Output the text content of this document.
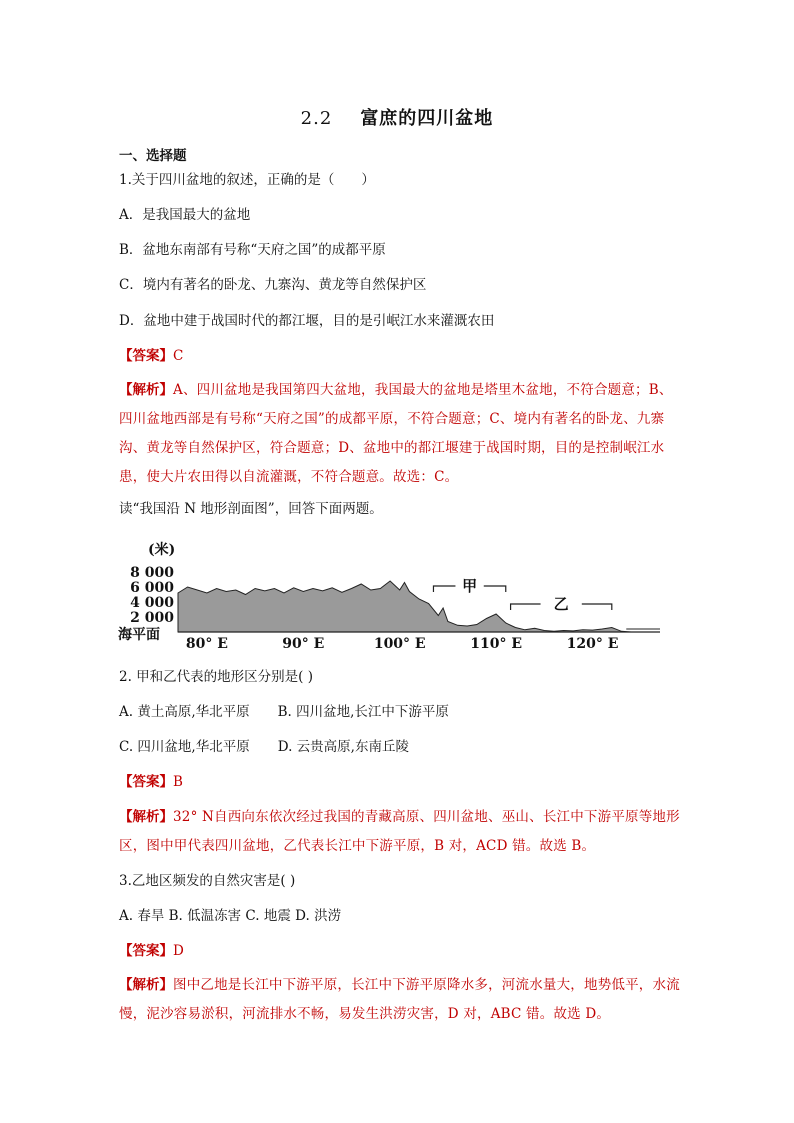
2.2 富庶的四川盆地
一、选择题
1.关于四川盆地的叙述，正确的是（　　）
A．是我国最大的盆地
B．盆地东南部有号称“天府之国”的成都平原
C．境内有著名的卧龙、九寨沟、黄龙等自然保护区
D．盆地中建于战国时代的都江堰，目的是引岷江水来灌溉农田
【答案】C
【解析】A、四川盆地是我国第四大盆地，我国最大的盆地是塔里木盆地，不符合题意；B、四川盆地西部是有号称“天府之国”的成都平原，不符合题意；C、境内有著名的卧龙、九寨沟、黄龙等自然保护区，符合题意；D、盆地中的都江堰建于战国时期，目的是控制岷江水患，使大片农田得以自流灌溉，不符合题意。故选：C。
读“我国沿 N 地形剖面图”，回答下面两题。
(米)
8 000
6 000
4 000
2 000
海平面
80° E	90° E	100° E	110° E	120° E
甲
乙
2. 甲和乙代表的地形区分别是( )
A. 黄土高原,华北平原 B. 四川盆地,长江中下游平原
C. 四川盆地,华北平原 D. 云贵高原,东南丘陵
【答案】B
【解析】32° N自西向东依次经过我国的青藏高原、四川盆地、巫山、长江中下游平原等地形区，图中甲代表四川盆地，乙代表长江中下游平原，B 对，ACD 错。故选 B。
3.乙地区频发的自然灾害是( )
A. 春旱 B. 低温冻害 C. 地震 D. 洪涝
【答案】D
【解析】图中乙地是长江中下游平原，长江中下游平原降水多，河流水量大，地势低平，水流慢，泥沙容易淤积，河流排水不畅，易发生洪涝灾害，D 对，ABC 错。故选 D。
